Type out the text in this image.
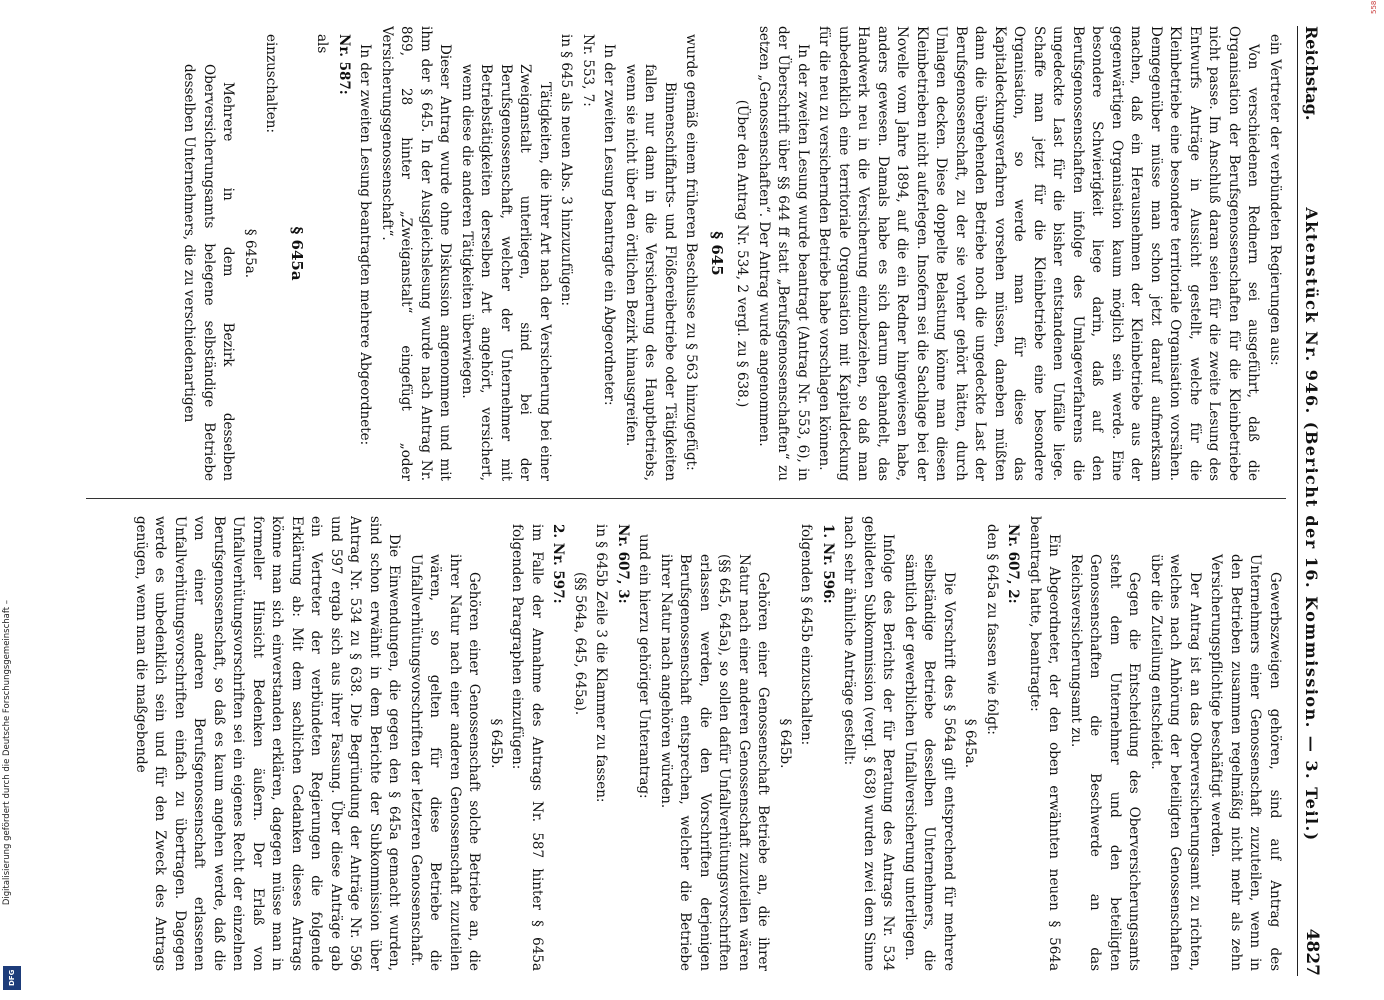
Digitalisierung gefördert durch die Deutsche Forschungsgemeinschaft –
DFG
558
Reichstag.
Aktenstück Nr. 946. (Bericht der 16. Kommission. — 3. Teil.)
4827

ein Vertreter der verbündeten Regierungen aus:

Von verschiedenen Rednern sei ausgeführt, daß die Organisation der Berufsgenossenschaften für die Kleinbetriebe nicht passe. Im Anschluß daran seien für die zweite Lesung des Entwurfs Anträge in Aussicht gestellt, welche für die Kleinbetriebe eine besondere territoriale Organisation vorsähen. Demgegenüber müsse man schon jetzt darauf aufmerksam machen, daß ein Herausnehmen der Kleinbetriebe aus der gegenwärtigen Organisation kaum möglich sein werde. Eine besondere Schwierigkeit liege darin, daß auf den Berufsgenossenschaften infolge des Umlageverfahrens die ungedeckte Last für die bisher entstandenen Unfälle liege. Schaffe man jetzt für die Kleinbetriebe eine besondere Organisation, so werde man für diese das Kapitaldeckungsverfahren vorsehen müssen, daneben müßten dann die übergehenden Betriebe noch die ungedeckte Last der Berufsgenossenschaft, zu der sie vorher gehört hätten, durch Umlagen decken. Diese doppelte Belastung könne man diesen Kleinbetrieben nicht auferlegen. Insofern sei die Sachlage bei der Novelle vom Jahre 1894, auf die ein Redner hingewiesen habe, anders gewesen. Damals habe es sich darum gehandelt, das Handwerk neu in die Versicherung einzubeziehen, so daß man unbedenklich eine territoriale Organisation mit Kapitaldeckung für die neu zu versichernden Betriebe habe vorschlagen können.

In der zweiten Lesung wurde beantragt (Antrag Nr. 553, 6), in der Überschrift über §§ 644 ff statt „Berufsgenossenschaften“ zu setzen „Genossenschaften“. Der Antrag wurde angenommen.

(Über den Antrag Nr. 534, 2 vergl. zu § 638.)

§ 645

wurde gemäß einem früheren Beschlusse zu § 563 hinzugefügt:

Binnenschiffahrts- und Flößereibetriebe oder Tätigkeiten fallen nur dann in die Versicherung des Hauptbetriebs, wenn sie nicht über den örtlichen Bezirk hinausgreifen.

In der zweiten Lesung beantragte ein Abgeordneter:

Nr. 553, 7:

in § 645 als neuen Abs. 3 hinzuzufügen:

Tätigkeiten, die ihrer Art nach der Versicherung bei einer Zweiganstalt unterliegen, sind bei der Berufsgenossenschaft, welcher der Unternehmer mit Betriebstätigkeiten derselben Art angehört, versichert, wenn diese die anderen Tätigkeiten überwiegen.

Dieser Antrag wurde ohne Diskussion angenommen und mit ihm der § 645. In der Ausgleichslesung wurde nach Antrag Nr. 869, 28 hinter „Zweiganstalt“ eingefügt „oder Versicherungsgenossenschaft“.

In der zweiten Lesung beantragten mehrere Abgeordnete:

Nr. 587:

als

§ 645a

einzuschalten:

§ 645a.

Mehrere in dem Bezirk desselben Oberversicherungsamts belegene selbständige Betriebe desselben Unternehmers, die zu verschiedenartigen

Gewerbszweigen gehören, sind auf Antrag des Unternehmers einer Genossenschaft zuzuteilen, wenn in den Betrieben zusammen regelmäßig nicht mehr als zehn Versicherungspflichtige beschäftigt werden.

Der Antrag ist an das Oberversicherungsamt zu richten, welches nach Anhörung der beteiligten Genossenschaften über die Zuteilung entscheidet.

Gegen die Entscheidung des Oberversicherungsamts steht dem Unternehmer und den beteiligten Genossenschaften die Beschwerde an das Reichsversicherungsamt zu.

Ein Abgeordneter, der den oben erwähnten neuen § 564a beantragt hatte, beantragte:

Nr. 607, 2:

den § 645a zu fassen wie folgt:

§ 645a.

Die Vorschrift des § 564a gilt entsprechend für mehrere selbständige Betriebe desselben Unternehmers, die sämtlich der gewerblichen Unfallversicherung unterliegen.

Infolge des Berichts der für Beratung des Antrags Nr. 534 gebildeten Subkommission (vergl. § 638) wurden zwei dem Sinne nach sehr ähnliche Anträge gestellt:

1. Nr. 596:

folgenden § 645b einzuschalten:

§ 645b.

Gehören einer Genossenschaft Betriebe an, die ihrer Natur nach einer anderen Genossenschaft zuzuteilen wären (§§ 645, 645a), so sollen dafür Unfallverhütungsvorschriften erlassen werden, die den Vorschriften derjenigen Berufsgenossenschaft entsprechen, welcher die Betriebe ihrer Natur nach angehören würden.

und ein hierzu gehöriger Unterantrag:

Nr. 607, 3:

in § 645b Zeile 3 die Klammer zu fassen:

(§§ 564a, 645, 645a).

2. Nr. 597:

im Falle der Annahme des Antrags Nr. 587 hinter § 645a folgenden Paragraphen einzufügen:

§ 645b.

Gehören einer Genossenschaft solche Betriebe an, die ihrer Natur nach einer anderen Genossenschaft zuzuteilen wären, so gelten für diese Betriebe die Unfallverhütungsvorschriften der letzteren Genossenschaft.

Die Einwendungen, die gegen den § 645a gemacht wurden, sind schon erwähnt in dem Berichte der Subkommission über Antrag Nr. 534 zu § 638. Die Begründung der Anträge Nr. 596 und 597 ergab sich aus ihrer Fassung. Über diese Anträge gab ein Vertreter der verbündeten Regierungen die folgende Erklärung ab: Mit dem sachlichen Gedanken dieses Antrags könne man sich einverstanden erklären, dagegen müsse man in formeller Hinsicht Bedenken äußern. Der Erlaß von Unfallverhütungsvorschriften sei ein eigenes Recht der einzelnen Berufsgenossenschaft, so daß es kaum angehen werde, daß die von einer anderen Berufsgenossenschaft erlassenen Unfallverhütungsvorschriften einfach zu übertragen. Dagegen werde es unbedenklich sein und für den Zweck des Antrags genügen, wenn man die maßgebende
